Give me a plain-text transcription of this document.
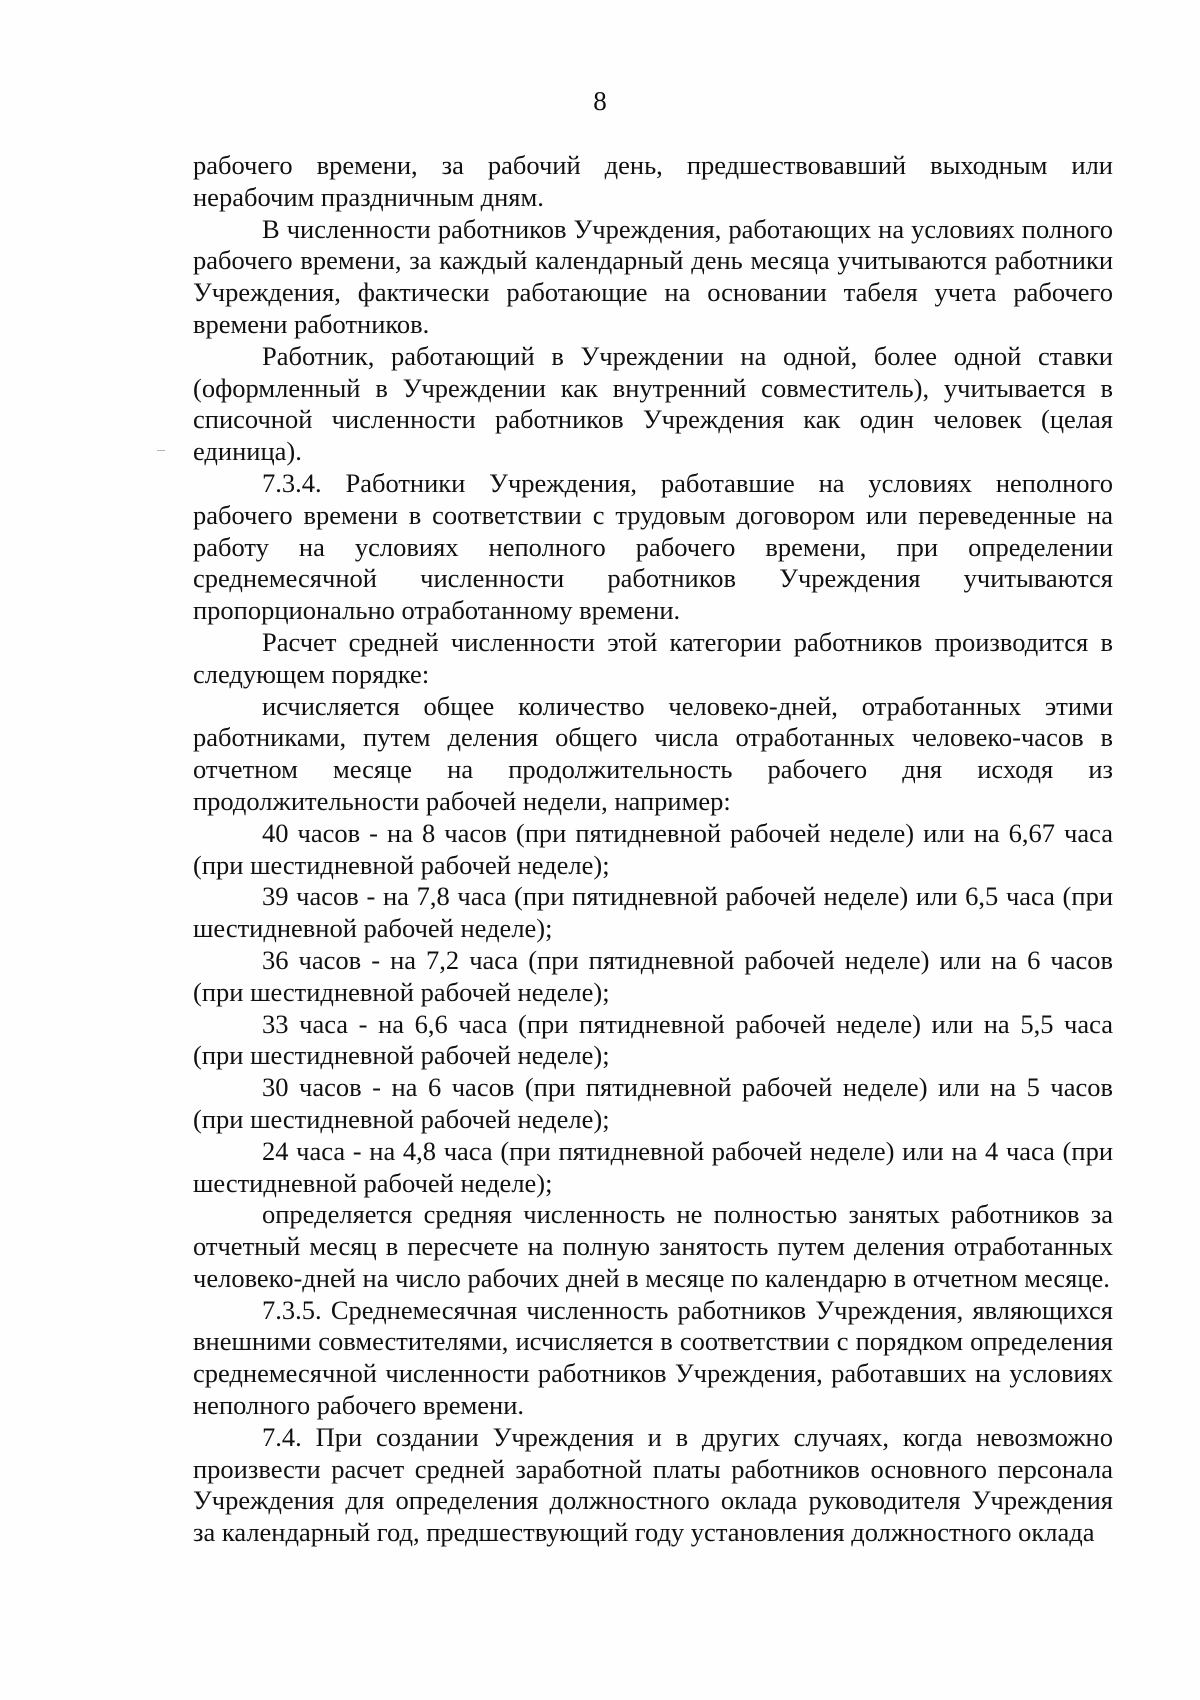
8

рабочего времени, за рабочий день, предшествовавший выходным или нерабочим праздничным дням.

В численности работников Учреждения, работающих на условиях полного рабочего времени, за каждый календарный день месяца учитываются работники Учреждения, фактически работающие на основании табеля учета рабочего времени работников.

Работник, работающий в Учреждении на одной, более одной ставки (оформленный в Учреждении как внутренний совместитель), учитывается в списочной численности работников Учреждения как один человек (целая единица).

7.3.4. Работники Учреждения, работавшие на условиях неполного рабочего времени в соответствии с трудовым договором или переведенные на работу на условиях неполного рабочего времени, при определении среднемесячной численности работников Учреждения учитываются пропорционально отработанному времени.

Расчет средней численности этой категории работников производится в следующем порядке:

исчисляется общее количество человеко-дней, отработанных этими работниками, путем деления общего числа отработанных человеко-часов в отчетном месяце на продолжительность рабочего дня исходя из продолжительности рабочей недели, например:

40 часов - на 8 часов (при пятидневной рабочей неделе) или на 6,67 часа (при шестидневной рабочей неделе);

39 часов - на 7,8 часа (при пятидневной рабочей неделе) или 6,5 часа (при шестидневной рабочей неделе);

36 часов - на 7,2 часа (при пятидневной рабочей неделе) или на 6 часов (при шестидневной рабочей неделе);

33 часа - на 6,6 часа (при пятидневной рабочей неделе) или на 5,5 часа (при шестидневной рабочей неделе);

30 часов - на 6 часов (при пятидневной рабочей неделе) или на 5 часов (при шестидневной рабочей неделе);

24 часа - на 4,8 часа (при пятидневной рабочей неделе) или на 4 часа (при шестидневной рабочей неделе);

определяется средняя численность не полностью занятых работников за отчетный месяц в пересчете на полную занятость путем деления отработанных человеко-дней на число рабочих дней в месяце по календарю в отчетном месяце.

7.3.5. Среднемесячная численность работников Учреждения, являющихся внешними совместителями, исчисляется в соответствии с порядком определения среднемесячной численности работников Учреждения, работавших на условиях неполного рабочего времени.

7.4. При создании Учреждения и в других случаях, когда невозможно произвести расчет средней заработной платы работников основного персонала Учреждения для определения должностного оклада руководителя Учреждения за календарный год, предшествующий году установления должностного оклада
